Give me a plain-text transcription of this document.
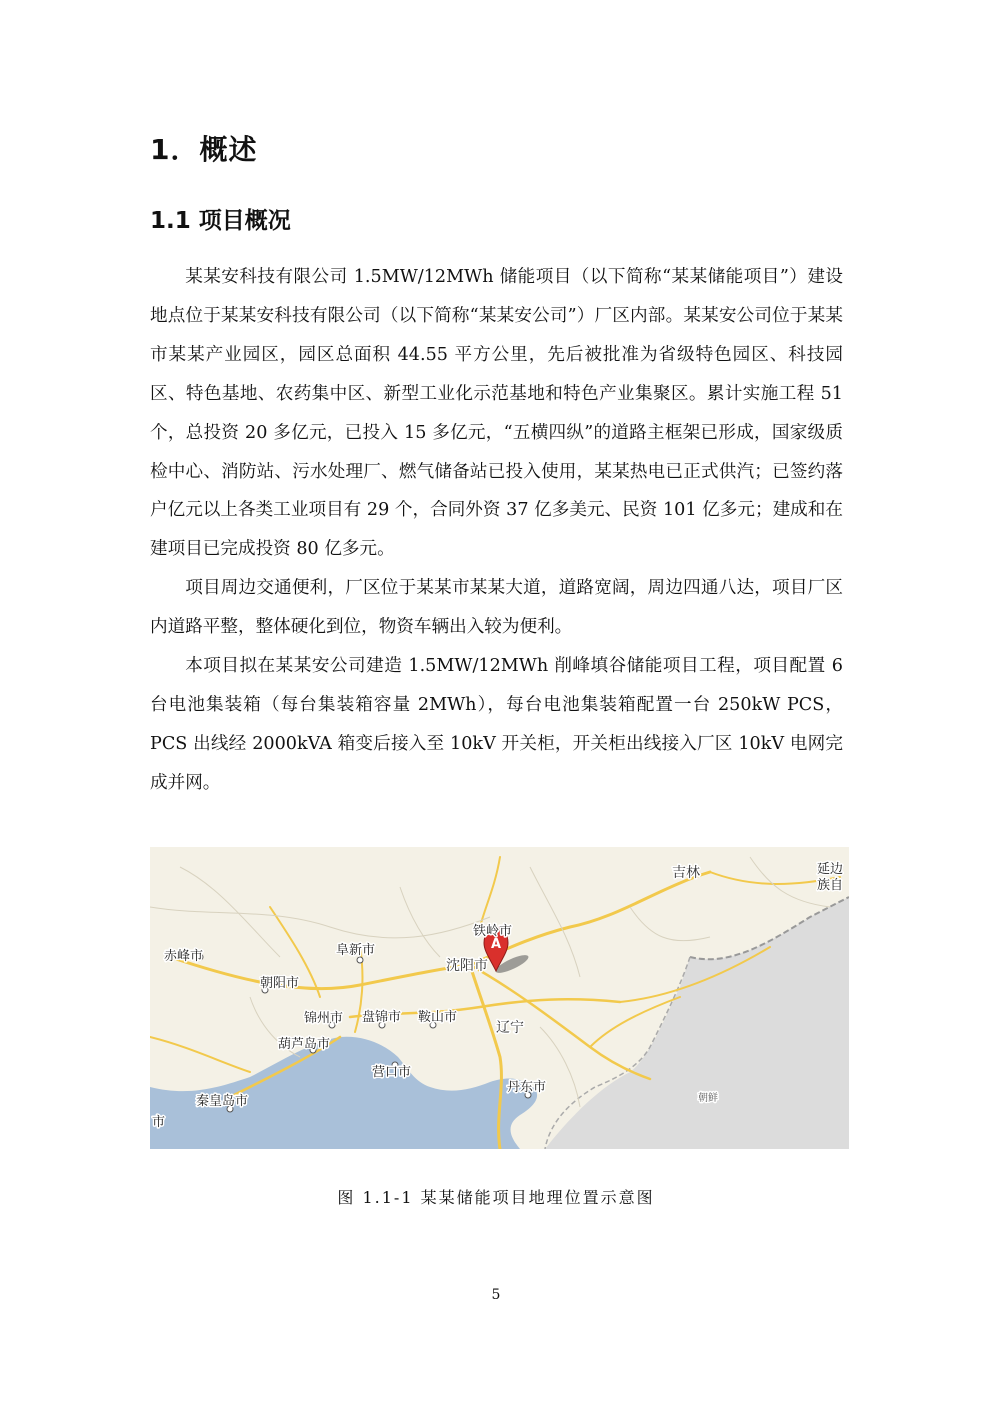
1．概述
1.1 项目概况

某某安科技有限公司 1.5MW/12MWh 储能项目（以下简称“某某储能项目”）建设地点位于某某安科技有限公司（以下简称“某某安公司”）厂区内部。某某安公司位于某某市某某产业园区，园区总面积 44.55 平方公里，先后被批准为省级特色园区、科技园区、特色基地、农药集中区、新型工业化示范基地和特色产业集聚区。累计实施工程 51 个，总投资 20 多亿元，已投入 15 多亿元，“五横四纵”的道路主框架已形成，国家级质检中心、消防站、污水处理厂、燃气储备站已投入使用，某某热电已正式供汽；已签约落户亿元以上各类工业项目有 29 个，合同外资 37 亿多美元、民资 101 亿多元；建成和在建项目已完成投资 80 亿多元。

项目周边交通便利，厂区位于某某市某某大道，道路宽阔，周边四通八达，项目厂区内道路平整，整体硬化到位，物资车辆出入较为便利。

本项目拟在某某安公司建造 1.5MW/12MWh 削峰填谷储能项目工程，项目配置 6 台电池集装箱（每台集装箱容量 2MWh），每台电池集装箱配置一台 250kW PCS，PCS 出线经 2000kVA 箱变后接入至 10kV 开关柜，开关柜出线接入厂区 10kV 电网完成并网。

A
吉林	延边
族自
铁岭市
赤峰市	阜新市
沈阳市
朝阳市
锦州市 盘锦市 鞍山市
辽宁
葫芦岛市
营口市
丹东市
朝鲜
秦皇岛市
市
图 1.1-1 某某储能项目地理位置示意图
5
